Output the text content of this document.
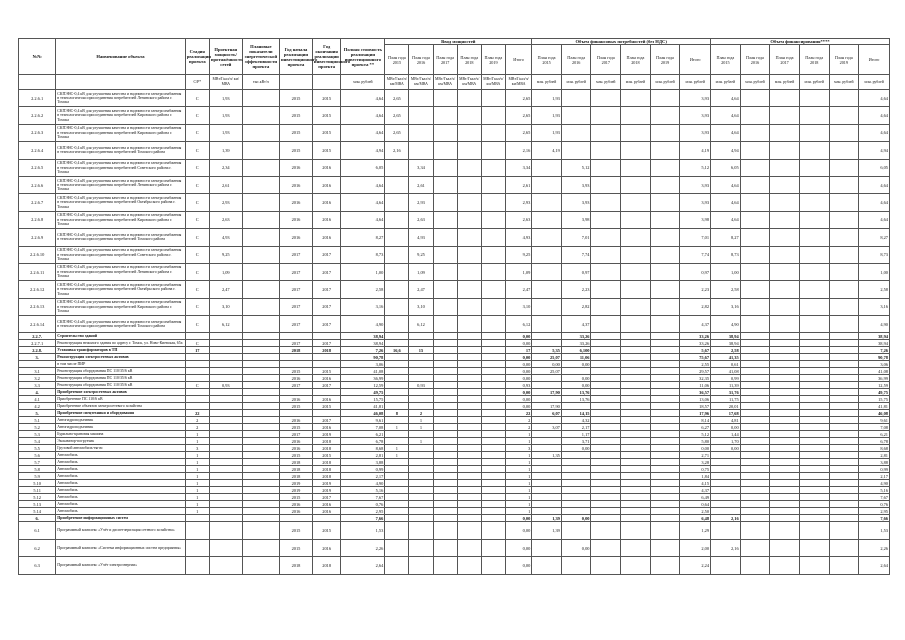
№№	Наименование объекта	Стадия реализации проекта	Проектная мощность/ протяжённость сетей	Плановые показатели энергетической эффективности проекта	Год начала реализации инвестиционного проекта	Год окончания реализации инвестиционного проекта	Полная стоимость реализации инвестиционного проекта **	Ввод мощностей						Объем финансовых потребностей (без НДС)						Объем финансирования****					
								План года 2015	План года 2016	План года 2017	План года 2018	План года 2019	Итого	План года 2015	План года 2016	План года 2017	План года 2018	План года 2019	Итого	План года 2015	План года 2016	План года 2017	План года 2018	План года 2019	Итого
		С/Р*	МВт/Гкал/ч/ км/МВА	тыс.кВт/ч			млн. рублей	МВт/Гкал/ч/ км/МВА	МВт/Гкал/ч/ км/МВА	МВт/Гкал/ч/ км/МВА	МВт/Гкал/ч/ км/МВА	МВт/Гкал/ч/ км/МВА	МВт/Гкал/ч/ км/МВА	млн. рублей	млн. рублей	млн. рублей	млн. рублей	млн. рублей	млн. рублей	млн. рублей	млн. рублей	млн. рублей	млн. рублей	млн. рублей	млн. рублей
2.2.6.1	СКПЭНС-0,4 кВ для улучшения качества и надежности электроснабжения в технологически присоединения потребителей Ленинского района г. Томска	С	1,93		2015	2015	4,64	2,65					2,65	1,93					3,93	4,64					4,64
2.2.6.2	СКПЭНС-0,4 кВ для улучшения качества и надежности электроснабжения в технологически присоединения потребителей Кировского района г. Томска	С	1,93		2015	2015	4,64	2,65					2,65	1,93					3,93	4,64					4,64
2.2.6.3	СКПЭНС-0,4 кВ для улучшения качества и надежности электроснабжения в технологически присоединения потребителей Кировского района г. Томска	С	1,93		2015	2015	4,64	2,65					2,65	1,93					3,93	4,64					4,64
2.2.6.4	СКПЭНС-0,4 кВ для улучшения качества и надежности электроснабжения в технологически присоединения потребителей Томского района	С	1,39		2015	2015	4,94	2,16					2,16	4,19					4,19	4,94					4,94
2.2.6.5	СКПЭНС-0,4 кВ для улучшения качества и надежности электроснабжения в технологически присоединения потребителей Советского района г. Томска	С	2,34		2016	2016	6,05		3,34				3,34		5,12				5,12	6,05					6,05
2.2.6.6	СКПЭНС-0,4 кВ для улучшения качества и надежности электроснабжения в технологически присоединения потребителей Ленинского района г. Томска	С	2,61		2016	2016	4,64		2,61				2,61		3,93				3,93	4,64					4,64
2.2.6.7	СКПЭНС-0,4 кВ для улучшения качества и надежности электроснабжения в технологически присоединения потребителей Октябрьского района г. Томска	С	2,93		2016	2016	4,64		2,93				2,93		3,93				3,93	4,64					4,64
2.2.6.8	СКПЭНС-0,4 кВ для улучшения качества и надежности электроснабжения в технологически присоединения потребителей Кировского района г. Томска	С	2,63		2016	2016	4,64		2,63				2,63		3,98				3,98	4,64					4,64
2.2.6.9	СКПЭНС-0,4 кВ для улучшения качества и надежности электроснабжения в технологически присоединения потребителей Томского района	С	4,93		2016	2016	8,27		4,93				4,93		7,01				7,01	8,27					8,27
2.2.6.10	СКПЭНС-0,4 кВ для улучшения качества и надежности электроснабжения в технологически присоединения потребителей Советского района г. Томска	С	9,25		2017	2017	8,73		9,25				9,25		7,74				7,74	8,73					8,73
2.2.6.11	СКПЭНС-0,4 кВ для улучшения качества и надежности электроснабжения в технологически присоединения потребителей Ленинского района г. Томска	С	1,09		2017	2017	1,00		1,09				1,09		0,97				0,97	1,00					1,00
2.2.6.12	СКПЭНС-0,4 кВ для улучшения качества и надежности электроснабжения в технологически присоединения потребителей Октябрьского района г. Томска	С	2,47		2017	2017	2,58		2,47				2,47		2,23				2,23	2,58					2,58
2.2.6.13	СКПЭНС-0,4 кВ для улучшения качества и надежности электроснабжения в технологически присоединения потребителей Кировского района г. Томска	С	3,10		2017	2017	3,16		3,10				3,10		2,82				2,82	3,16					3,16
2.2.6.14	СКПЭНС-0,4 кВ для улучшения качества и надежности электроснабжения в технологически присоединения потребителей Томского района	С	6,12		2017	2017	4,90		6,12				6,12		4,37				4,37	4,90					4,90
2.2.7.	Строительство зданий						38,94						0,00		33,26				33,26	38,94					38,94
2.2.7.1	Реконструкция нежилого здания по адресу г. Томск, ул. Ново-Киевская, 65а	С			2017	2017	38,94						0,00		33,26				33,26	38,94					38,94
2.2.8.	Установка трансформаторов в ТП	17			2018	2018	7,26	16,6	15				17	5,35	6,100				5,67	2,58					7,26
3.	Реконструкция электросетевых активов						90,78						0,00	25,07	11,06				75,67	41,35					90,78
	в том числе ПИР						3,06						0,00	0,00	0,00				2,55	0,61					3,06
3.1	Реконструкция оборудования ПС 110/35/6 кВ				2015	2015	41,08						0,00	25,07					29,57	41,08					41,08
3.2	Реконструкция оборудования ПС 110/35/6 кВ				2016	2016	36,99						0,00		0,00				32,35	0,99					36,99
3.3	Реконструкция оборудования ПС 110/35/6 кВ	С	0,93		2017	2017	12,59		0,93				0,93		0,00				11,06	11,39					12,59
4.	Приобретение электросетевых активов						49,75						0,00	17,90	13,76				36,57	31,76					49,75
4.1	Приобретение ПС 110/6 кВ				2016	2016	15,75						0,00		13,76				13,06	11,75					15,75
4.2	Приобретение объектов электросетевого хозяйства				2015	2015	41,81						0,00	17,90					18,57	20,01					41,81
5.	Приобретение спецтехники и оборудования	22					46,08	8	2				22	6,07	14,15				17,96	17,68					46,08
5.1	Автогидроподъемник	2			2016	2017	9,61		1				2		4,32				8,14	4,81					9,61
5.2	Автогидроподъемник	2			2015	2016	7,08	1	1				2	3,07	2,17				6,27	0,00					7,08
5.3	Бурильно-крановая машина	1			2017	2019	6,21						1		1,17				5,12	1,44					6,21
5.4	Экскаватор-погрузчик	1			2016	2018	6,78		1				1		3,71				5,80	1,70					6,78
5.5	Грузовой автомобиль-тягач	3			2016	2018	8,68	1					3		0,00				0,00	0,00					8,68
5.6	Автомобиль	1			2015	2015	2,81	1					1	1,35					2,71						2,81
5.7	Автомобиль	1			2018	2018	3,88						1						3,28						3,88
5.8	Автомобиль	1			2018	2018	0,99						1						0,75						0,99
5.9	Автомобиль	1			2018	2018	2,17						1						1,84						2,17
5.10	Автомобиль	1			2019	2019	4,90						1						4,15						4,90
5.11	Автомобиль	1			2019	2019	5,16						1						4,37						5,16
5.12	Автомобиль	1			2015	2017	7,67						1						6,49						7,67
5.13	Автомобиль	1			2016	2016	0,76						1						0,64						0,76
5.14	Автомобиль	1			2016	2016	2,95						1						2,50						2,95
6.	Приобретение информационных систем						7,66						0,00	1,39	0,00				6,48	2,16					7,66
6.1	Программный комплекс «Учёт и диспетчеризация сетевого хозяйства»				2015	2015	1,53						0,00	1,39					1,29						1,53
6.2	Программный комплекс «Система информационных систем предприятия»				2015	2016	2,26						0,00		0,00				2,00	2,16					2,26
6.3	Программный комплекс «Учёт электроэнергии»				2018	2018	2,64						0,00						2,24						2,64
